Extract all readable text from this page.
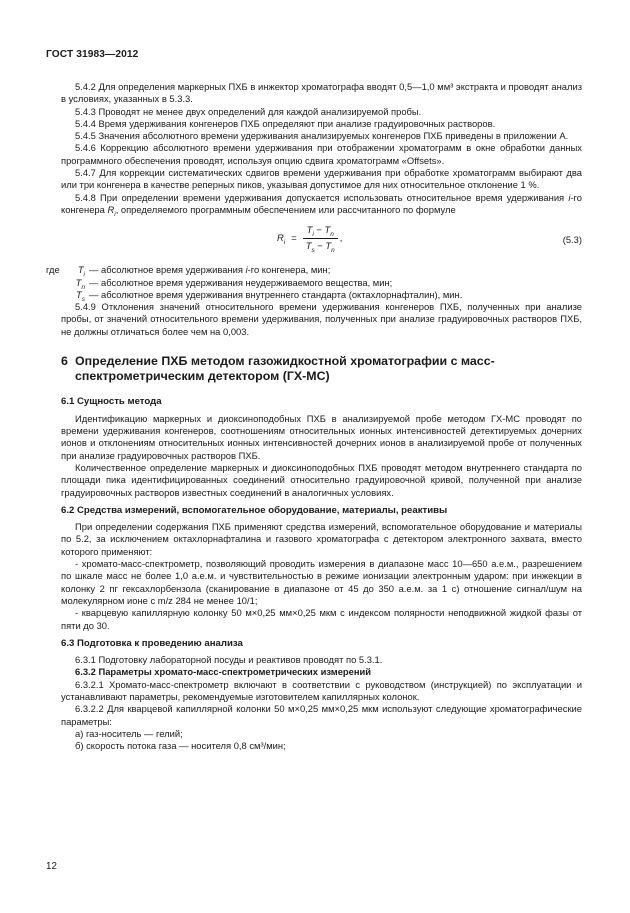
ГОСТ 31983—2012

5.4.2 Для определения маркерных ПХБ в инжектор хроматографа вводят 0,5—1,0 мм³ экстракта и проводят анализ в условиях, указанных в 5.3.3.

5.4.3 Проводят не менее двух определений для каждой анализируемой пробы.

5.4.4 Время удерживания конгенеров ПХБ определяют при анализе градуировочных растворов.

5.4.5 Значения абсолютного времени удерживания анализируемых конгенеров ПХБ приведены в приложении А.

5.4.6 Коррекцию абсолютного времени удерживания при отображении хроматограмм в окне обработки данных программного обеспечения проводят, используя опцию сдвига хроматограмм «Offsets».

5.4.7 Для коррекции систематических сдвигов времени удерживания при обработке хроматограмм выбирают два или три конгенера в качестве реперных пиков, указывая допустимое для них относительное отклонение 1 %.

5.4.8 При определении времени удерживания допускается использовать относительное время удерживания i-го конгенера $R_i$, определяемого программным обеспечением или рассчитанного по формуле

$R_i = \frac{T_i - T_n}{T_s - T_n}$ ,	(5.3)
где	$T_i$ — абсолютное время удерживания i-го конгенера, мин;
$T_n$ — абсолютное время удерживания неудерживаемого вещества, мин;
$T_s$ — абсолютное время удерживания внутреннего стандарта (октахлорнафталин), мин.

5.4.9 Отклонения значений относительного времени удерживания конгенеров ПХБ, полученных при анализе пробы, от значений относительного времени удерживания, полученных при анализе градуировочных растворов ПХБ, не должны отличаться более чем на 0,003.

6 Определение ПХБ методом газожидкостной хроматографии с масс-спектрометрическим детектором (ГХ-МС)
6.1 Сущность метода

Идентификацию маркерных и диоксиноподобных ПХБ в анализируемой пробе методом ГХ-МС проводят по времени удерживания конгенеров, соотношениям относительных ионных интенсивностей детектируемых дочерних ионов и отклонениям относительных ионных интенсивностей дочерних ионов в анализируемой пробе от полученных при анализе градуировочных растворов ПХБ.

Количественное определение маркерных и диоксиноподобных ПХБ проводят методом внутреннего стандарта по площади пика идентифицированных соединений относительно градуировочной кривой, полученной при анализе градуировочных растворов известных соединений в аналогичных условиях.

6.2 Средства измерений, вспомогательное оборудование, материалы, реактивы

При определении содержания ПХБ применяют средства измерений, вспомогательное оборудование и материалы по 5.2, за исключением октахлорнафталина и газового хроматографа с детектором электронного захвата, вместо которого применяют:

- хромато-масс-спектрометр, позволяющий проводить измерения в диапазоне масс 10—650 а.е.м., разрешением по шкале масс не более 1,0 а.е.м. и чувствительностью в режиме ионизации электронным ударом: при инжекции в колонку 2 пг гексахлорбензола (сканирование в диапазоне от 45 до 350 а.е.м. за 1 с) отношение сигнал/шум на молекулярном ионе с m/z 284 не менее 10/1;

- кварцевую капиллярную колонку 50 м×0,25 мм×0,25 мкм с индексом полярности неподвижной жидкой фазы от пяти до 30.

6.3 Подготовка к проведению анализа

6.3.1 Подготовку лабораторной посуды и реактивов проводят по 5.3.1.

6.3.2 Параметры хромато-масс-спектрометрических измерений

6.3.2.1 Хромато-масс-спектрометр включают в соответствии с руководством (инструкцией) по эксплуатации и устанавливают параметры, рекомендуемые изготовителем капиллярных колонок.

6.3.2.2 Для кварцевой капиллярной колонки 50 м×0,25 мм×0,25 мкм используют следующие хроматографические параметры:

а) газ-носитель — гелий;

б) скорость потока газа — носителя 0,8 см³/мин;

12
